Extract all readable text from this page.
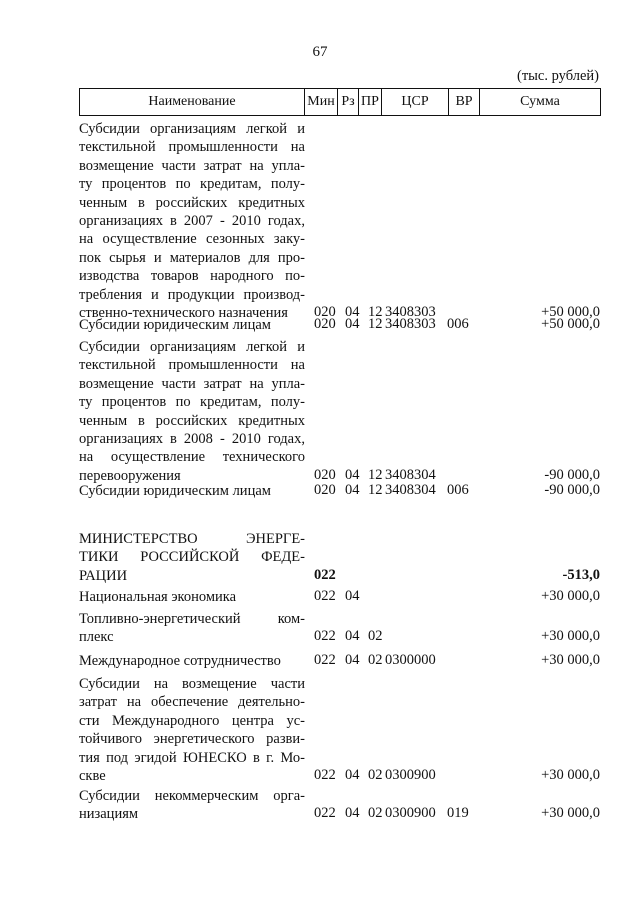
67
(тыс. рублей)
Наименование	Мин	Рз	ПР	ЦСР	ВР	Сумма
Субсидии организациям легкой и
текстильной промышленности на
возмещение части затрат на упла-
ту процентов по кредитам, полу-
ченным в российских кредитных
организациях в 2007 - 2010 годах,
на осуществление сезонных заку-
пок сырья и материалов для про-
изводства товаров народного по-
требления и продукции производ-
ственно-технического назначения	020 04 12 3408303	+50 000,0
Субсидии юридическим лицам	020 04 12 3408303 006	+50 000,0
Субсидии организациям легкой и
текстильной промышленности на
возмещение части затрат на упла-
ту процентов по кредитам, полу-
ченным в российских кредитных
организациях в 2008 - 2010 годах,
на осуществление технического
перевооружения	020 04 12 3408304	-90 000,0
Субсидии юридическим лицам	020 04 12 3408304 006	-90 000,0
МИНИСТЕРСТВО ЭНЕРГЕ-
ТИКИ РОССИЙСКОЙ ФЕДЕ-
РАЦИИ	022	-513,0
Национальная экономика	022 04	+30 000,0
Топливно-энергетический ком-
плекс	022 04 02	+30 000,0
Международное сотрудничество	022 04 02 0300000	+30 000,0
Субсидии на возмещение части
затрат на обеспечение деятельно-
сти Международного центра ус-
тойчивого энергетического разви-
тия под эгидой ЮНЕСКО в г. Мо-
скве	022 04 02 0300900	+30 000,0
Субсидии некоммерческим орга-
низациям	022 04 02 0300900 019	+30 000,0
